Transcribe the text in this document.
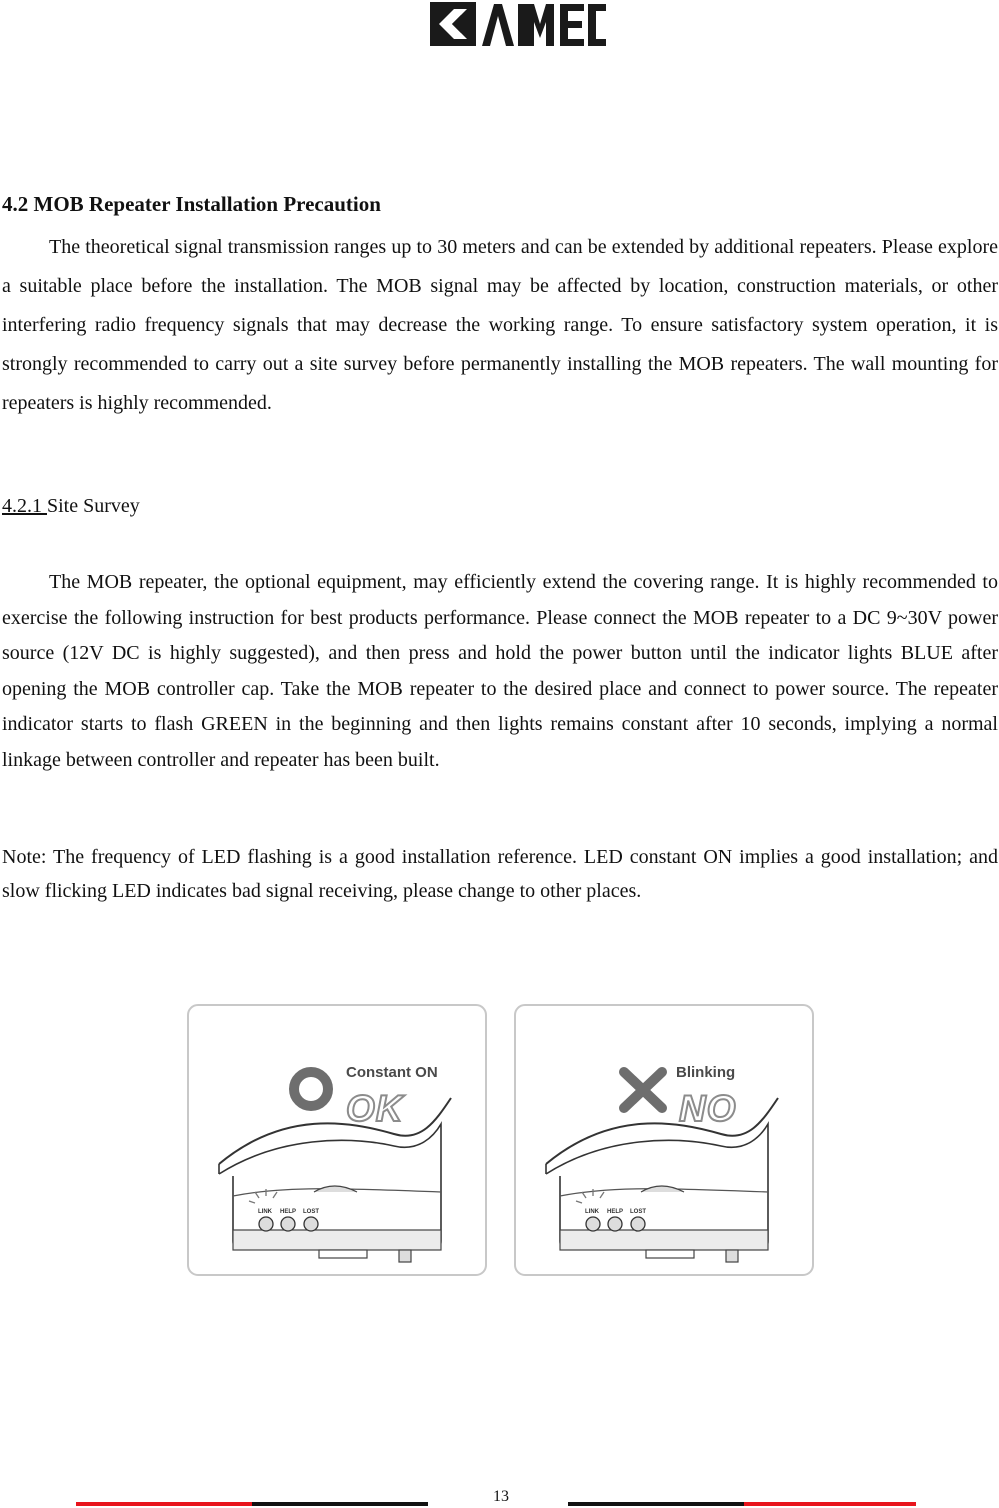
4.2 MOB Repeater Installation Precaution

The theoretical signal transmission ranges up to 30 meters and can be extended by additional repeaters. Please explore a suitable place before the installation. The MOB signal may be affected by location, construction materials, or other interfering radio frequency signals that may decrease the working range. To ensure satisfactory system operation, it is strongly recommended to carry out a site survey before permanently installing the MOB repeaters. The wall mounting for repeaters is highly recommended.

4.2.1 Site Survey

The MOB repeater, the optional equipment, may efficiently extend the covering range. It is highly recommended to exercise the following instruction for best products performance. Please connect the MOB repeater to a DC 9~30V power source (12V DC is highly suggested), and then press and hold the power button until the indicator lights BLUE after opening the MOB controller cap. Take the MOB repeater to the desired place and connect to power source. The repeater indicator starts to flash GREEN in the beginning and then lights remains constant after 10 seconds, implying a normal linkage between controller and repeater has been built.

Note: The frequency of LED flashing is a good installation reference. LED constant ON implies a good installation; and slow flicking LED indicates bad signal receiving, please change to other places.

LINK HELP LOST
Constant ON
OK
LINK HELP LOST
Blinking
NO
13
